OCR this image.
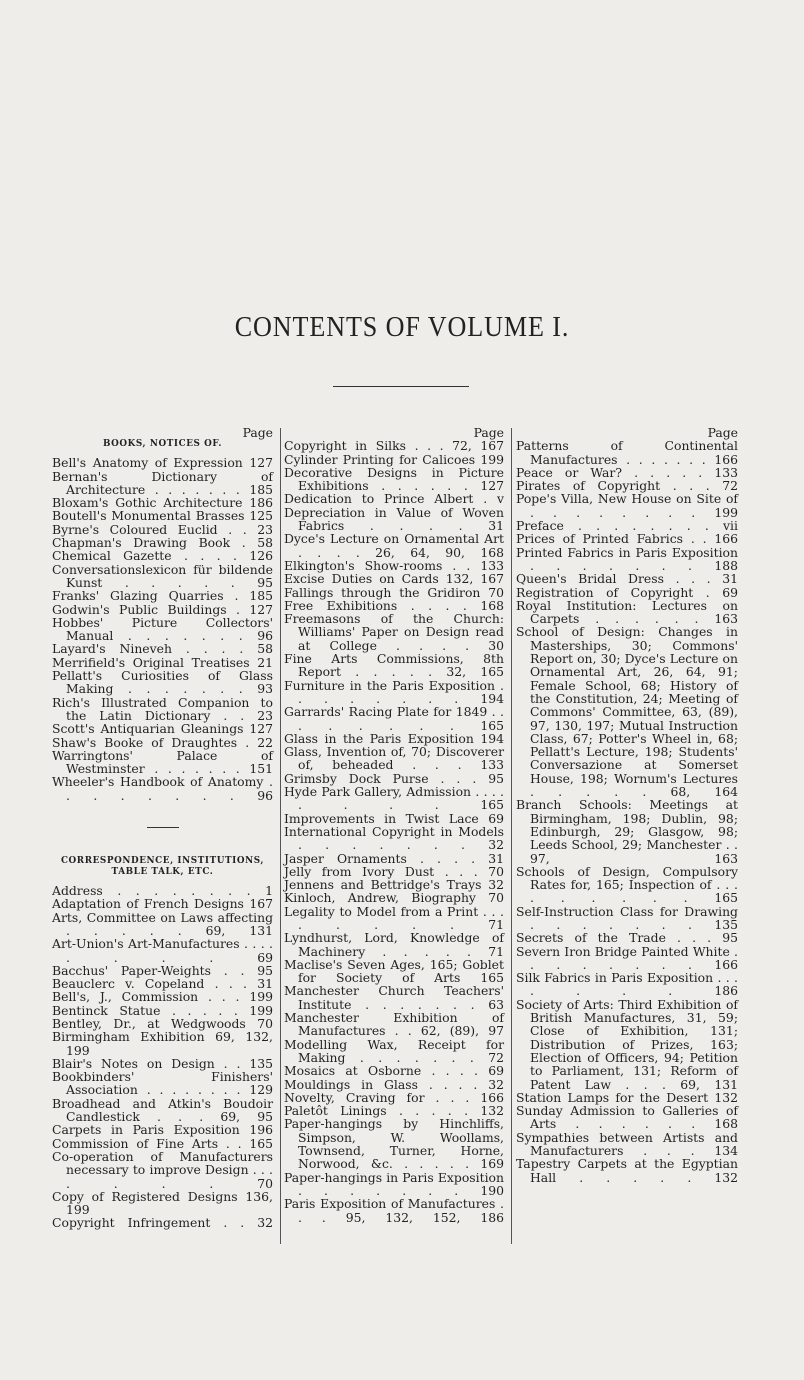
CONTENTS OF VOLUME I.

Page

BOOKS, NOTICES OF.

Bell's Anatomy of Expression 127

Bernan's Dictionary of Architecture . . . . . . . 185

Bloxam's Gothic Architecture 186

Boutell's Monumental Brasses 125

Byrne's Coloured Euclid . . 23

Chapman's Drawing Book . 58

Chemical Gazette . . . . 126

Conversationslexicon für bildende Kunst . . . . . 95

Franks' Glazing Quarries . 185

Godwin's Public Buildings . 127

Hobbes' Picture Collectors' Manual . . . . . . . 96

Layard's Nineveh . . . . 58

Merrifield's Original Treatises 21

Pellatt's Curiosities of Glass Making . . . . . . . 93

Rich's Illustrated Companion to the Latin Dictionary . . 23

Scott's Antiquarian Gleanings 127

Shaw's Booke of Draughtes . 22

Warringtons' Palace of Westminster . . . . . . . 151

Wheeler's Handbook of Anatomy . . . . . . . . 96

CORRESPONDENCE, INSTITUTIONS, TABLE TALK, ETC.

Address . . . . . . . . 1

Adaptation of French Designs 167

Arts, Committee on Laws affecting . . . . . 69, 131

Art-Union's Art-Manufactures . . . . . . . . 69

Bacchus' Paper-Weights . . 95

Beauclerc v. Copeland . . . 31

Bell's, J., Commission . . . 199

Bentinck Statue . . . . . 199

Bentley, Dr., at Wedgwoods 70

Birmingham Exhibition 69, 132, 199

Blair's Notes on Design . . 135

Bookbinders' Finishers' Association . . . . . . . . 129

Broadhead and Atkin's Boudoir Candlestick . . . 69, 95

Carpets in Paris Exposition 196

Commission of Fine Arts . . 165

Co-operation of Manufacturers necessary to improve Design . . . . . . . 70

Copy of Registered Designs 136, 199

Copyright Infringement . . 32

Page

Copyright in Silks . . . 72, 167

Cylinder Printing for Calicoes 199

Decorative Designs in Picture Exhibitions . . . . . . 127

Dedication to Prince Albert . v

Depreciation in Value of Woven Fabrics . . . . 31

Dyce's Lecture on Ornamental Art . . . . 26, 64, 90, 168

Elkington's Show-rooms . . 133

Excise Duties on Cards 132, 167

Fallings through the Gridiron 70

Free Exhibitions . . . . 168

Freemasons of the Church: Williams' Paper on Design read at College . . . . 30

Fine Arts Commissions, 8th Report . . . . . 32, 165

Furniture in the Paris Exposition . . . . . . . . 194

Garrards' Racing Plate for 1849 . . . . . . . . 165

Glass in the Paris Exposition 194

Glass, Invention of, 70; Discoverer of, beheaded . . . 133

Grimsby Dock Purse . . . 95

Hyde Park Gallery, Admission . . . . . . . . 165

Improvements in Twist Lace 69

International Copyright in Models . . . . . . . 32

Jasper Ornaments . . . . 31

Jelly from Ivory Dust . . . 70

Jennens and Bettridge's Trays 32

Kinloch, Andrew, Biography 70

Legality to Model from a Print . . . . . . . . 71

Lyndhurst, Lord, Knowledge of Machinery . . . . . 71

Maclise's Seven Ages, 165; Goblet for Society of Arts 165

Manchester Church Teachers' Institute . . . . . . . 63

Manchester Exhibition of Manufactures . . 62, (89), 97

Modelling Wax, Receipt for Making . . . . . . . 72

Mosaics at Osborne . . . . 69

Mouldings in Glass . . . . 32

Novelty, Craving for . . . 166

Paletôt Linings . . . . . 132

Paper-hangings by Hinchliffs, Simpson, W. Woollams, Townsend, Turner, Horne, Norwood, &c. . . . . . 169

Paper-hangings in Paris Exposition . . . . . . . 190

Paris Exposition of Manufactures . . . 95, 132, 152, 186

Page

Patterns of Continental Manufactures . . . . . . . 166

Peace or War? . . . . . 133

Pirates of Copyright . . . 72

Pope's Villa, New House on Site of . . . . . . . . 199

Preface . . . . . . . . vii

Prices of Printed Fabrics . . 166

Printed Fabrics in Paris Exposition . . . . . . . 188

Queen's Bridal Dress . . . 31

Registration of Copyright . 69

Royal Institution: Lectures on Carpets . . . . . . 163

School of Design: Changes in Masterships, 30; Commons' Report on, 30; Dyce's Lecture on Ornamental Art, 26, 64, 91; Female School, 68; History of the Constitution, 24; Meeting of Commons' Committee, 63, (89), 97, 130, 197; Mutual Instruction Class, 67; Potter's Wheel in, 68; Pellatt's Lecture, 198; Students' Conversazione at Somerset House, 198; Wornum's Lectures . . . . . 68, 164

Branch Schools: Meetings at Birmingham, 198; Dublin, 98; Edinburgh, 29; Glasgow, 98; Leeds School, 29; Manchester . . 97, 163

Schools of Design, Compulsory Rates for, 165; Inspection of . . . . . . . . . 165

Self-Instruction Class for Drawing . . . . . . . 135

Secrets of the Trade . . . 95

Severn Iron Bridge Painted White . . . . . . . . 166

Silk Fabrics in Paris Exposition . . . . . . . 186

Society of Arts: Third Exhibition of British Manufactures, 31, 59; Close of Exhibition, 131; Distribution of Prizes, 163; Election of Officers, 94; Petition to Parliament, 131; Reform of Patent Law . . . 69, 131

Station Lamps for the Desert 132

Sunday Admission to Galleries of Arts . . . . . . 168

Sympathies between Artists and Manufacturers . . . 134

Tapestry Carpets at the Egyptian Hall . . . . . 132
